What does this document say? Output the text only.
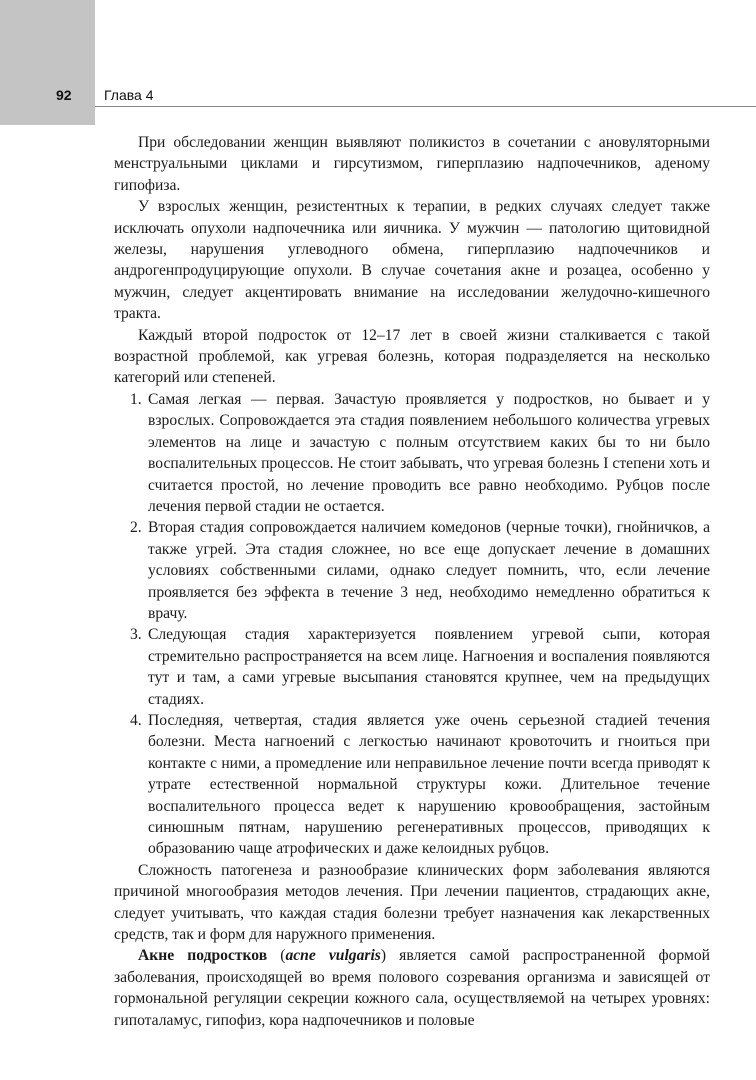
92 Глава 4

При обследовании женщин выявляют поликистоз в сочетании с ановуляторными менструальными циклами и гирсутизмом, гиперплазию надпочечников, аденому гипофиза.

У взрослых женщин, резистентных к терапии, в редких случаях следует также исключать опухоли надпочечника или яичника. У мужчин — патологию щитовидной железы, нарушения углеводного обмена, гиперплазию надпочечников и андрогенпродуцирующие опухоли. В случае сочетания акне и розацеа, особенно у мужчин, следует акцентировать внимание на исследовании желудочно-кишечного тракта.

Каждый второй подросток от 12–17 лет в своей жизни сталкивается с такой возрастной проблемой, как угревая болезнь, которая подразделяется на несколько категорий или степеней.

1. Самая легкая — первая. Зачастую проявляется у подростков, но бывает и у взрослых. Сопровождается эта стадия появлением небольшого количества угревых элементов на лице и зачастую с полным отсутствием каких бы то ни было воспалительных процессов. Не стоит забывать, что угревая болезнь I степени хоть и считается простой, но лечение проводить все равно необходимо. Рубцов после лечения первой стадии не остается.
2. Вторая стадия сопровождается наличием комедонов (черные точки), гнойничков, а также угрей. Эта стадия сложнее, но все еще допускает лечение в домашних условиях собственными силами, однако следует помнить, что, если лечение проявляется без эффекта в течение 3 нед, необходимо немедленно обратиться к врачу.
3. Следующая стадия характеризуется появлением угревой сыпи, которая стремительно распространяется на всем лице. Нагноения и воспаления появляются тут и там, а сами угревые высыпания становятся крупнее, чем на предыдущих стадиях.
4. Последняя, четвертая, стадия является уже очень серьезной стадией течения болезни. Места нагноений с легкостью начинают кровоточить и гноиться при контакте с ними, а промедление или неправильное лечение почти всегда приводят к утрате естественной нормальной структуры кожи. Длительное течение воспалительного процесса ведет к нарушению кровообращения, застойным синюшным пятнам, нарушению регенеративных процессов, приводящих к образованию чаще атрофических и даже келоидных рубцов.

Сложность патогенеза и разнообразие клинических форм заболевания являются причиной многообразия методов лечения. При лечении пациентов, страдающих акне, следует учитывать, что каждая стадия болезни требует назначения как лекарственных средств, так и форм для наружного применения.

Акне подростков (acne vulgaris) является самой распространенной формой заболевания, происходящей во время полового созревания организма и зависящей от гормональной регуляции секреции кожного сала, осуществляемой на четырех уровнях: гипоталамус, гипофиз, кора надпочечников и половые
